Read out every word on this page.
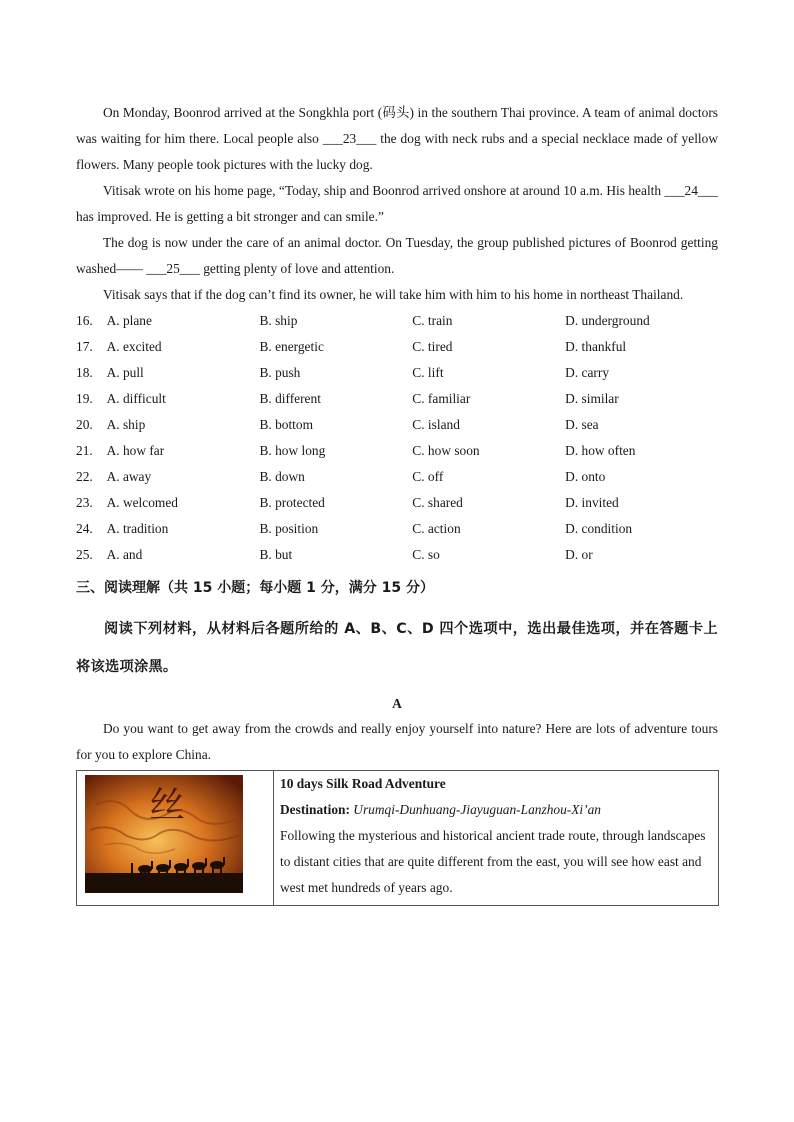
On Monday, Boonrod arrived at the Songkhla port (码头) in the southern Thai province. A team of animal doctors was waiting for him there. Local people also ___23___ the dog with neck rubs and a special necklace made of yellow flowers. Many people took pictures with the lucky dog.

Vitisak wrote on his home page, “Today, ship and Boonrod arrived onshore at around 10 a.m. His health ___24___ has improved. He is getting a bit stronger and can smile.”

The dog is now under the care of an animal doctor. On Tuesday, the group published pictures of Boonrod getting washed—— ___25___ getting plenty of love and attention.

Vitisak says that if the dog can’t find its owner, he will take him with him to his home in northeast Thailand.

16.	A. plane	B. ship	C. train	D. underground
17.	A. excited	B. energetic	C. tired	D. thankful
18.	A. pull	B. push	C. lift	D. carry
19.	A. difficult	B. different	C. familiar	D. similar
20.	A. ship	B. bottom	C. island	D. sea
21.	A. how far	B. how long	C. how soon	D. how often
22.	A. away	B. down	C. off	D. onto
23.	A. welcomed	B. protected	C. shared	D. invited
24.	A. tradition	B. position	C. action	D. condition
25.	A. and	B. but	C. so	D. or
三、阅读理解（共 15 小题；每小题 1 分，满分 15 分）
阅读下列材料，从材料后各题所给的 A、B、C、D 四个选项中，选出最佳选项，并在答题卡上将该选项涂黑。
A

Do you want to get away from the crowds and really enjoy yourself into nature? Here are lots of adventure tours for you to explore China.

丝

10 days Silk Road Adventure
Destination: Urumqi-Dunhuang-Jiayuguan-Lanzhou-Xi’an
Following the mysterious and historical ancient trade route, through landscapes to distant cities that are quite different from the east, you will see how east and west met hundreds of years ago.
